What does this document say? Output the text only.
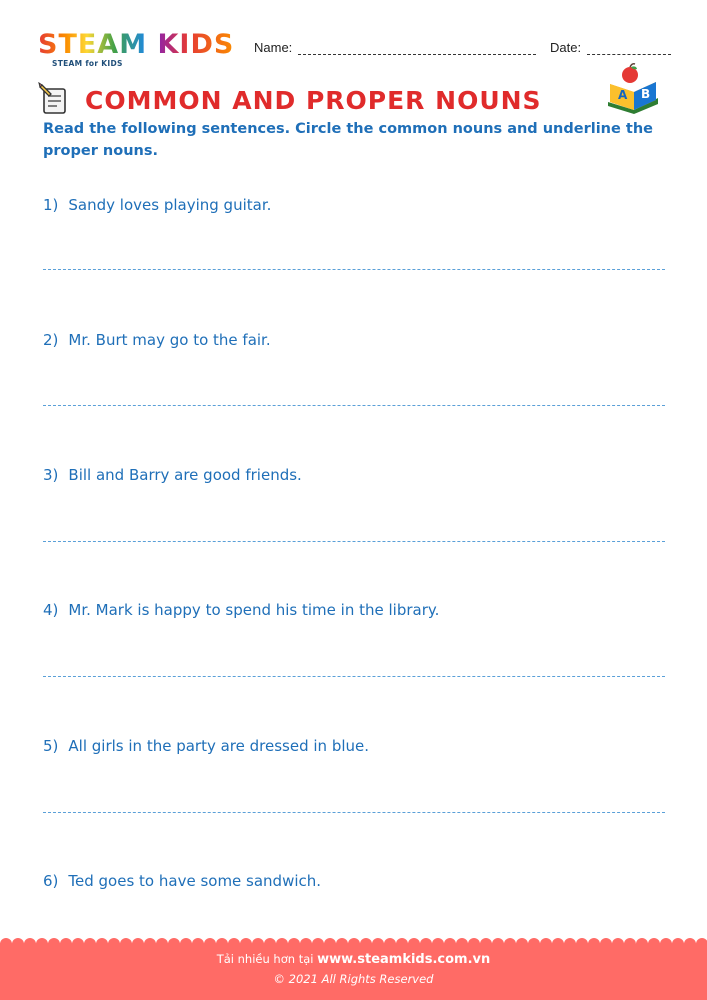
STEAM KIDS
STEAM for KIDS
Name:	Date:
COMMON AND PROPER NOUNS	A B
Read the following sentences. Circle the common nouns and underline the proper nouns.
1) Sandy loves playing guitar.
2) Mr. Burt may go to the fair.
3) Bill and Barry are good friends.
4) Mr. Mark is happy to spend his time in the library.
5) All girls in the party are dressed in blue.
6) Ted goes to have some sandwich.
Tải nhiều hơn tại www.steamkids.com.vn
© 2021 All Rights Reserved
